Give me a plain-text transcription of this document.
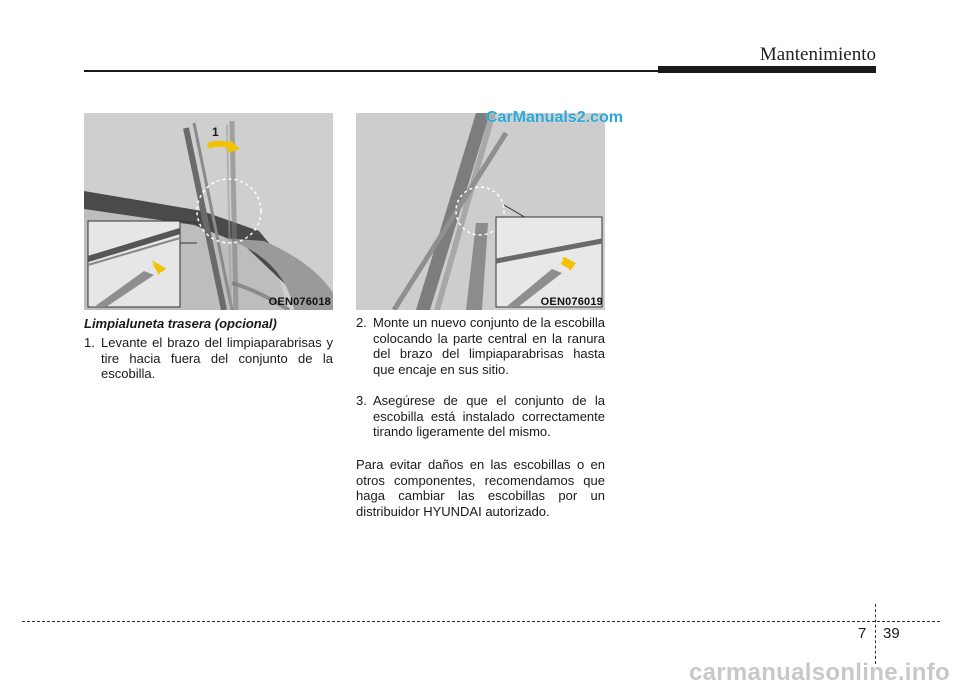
Mantenimiento
1
OEN076018	OEN076019
CarManuals2.com
Limpialuneta trasera (opcional)
1. Levante el brazo del limpiaparabrisas y tire hacia fuera del conjunto de la escobilla.
2. Monte un nuevo conjunto de la escobilla colocando la parte central en la ranura del brazo del limpiaparabrisas hasta que encaje en sus sitio.
3. Asegúrese de que el conjunto de la escobilla está instalado correctamente tirando ligeramente del mismo.
Para evitar daños en las escobillas o en otros componentes, recomendamos que haga cambiar las escobillas por un distribuidor HYUNDAI autorizado.
7 39
carmanualsonline.info
